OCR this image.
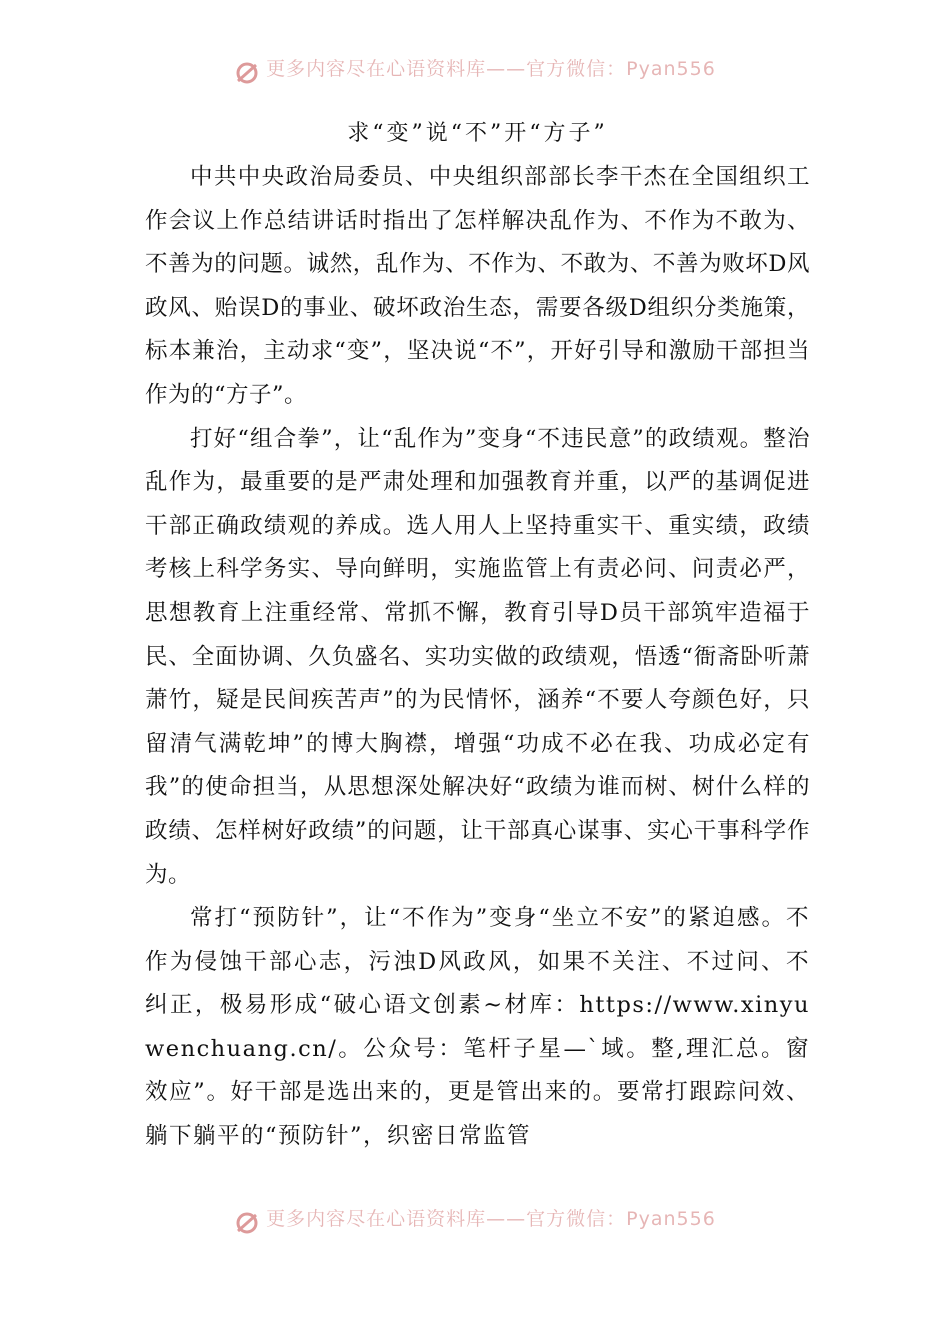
更多内容尽在心语资料库——官方微信：Pyan556
求“变”说“不”开“方子”

中共中央政治局委员、中央组织部部长李干杰在全国组织工作会议上作总结讲话时指出了怎样解决乱作为、不作为不敢为、不善为的问题。诚然，乱作为、不作为、不敢为、不善为败坏D风政风、贻误D的事业、破坏政治生态，需要各级D组织分类施策，标本兼治，主动求“变”，坚决说“不”，开好引导和激励干部担当作为的“方子”。

打好“组合拳”，让“乱作为”变身“不违民意”的政绩观。整治乱作为，最重要的是严肃处理和加强教育并重，以严的基调促进干部正确政绩观的养成。选人用人上坚持重实干、重实绩，政绩考核上科学务实、导向鲜明，实施监管上有责必问、问责必严，思想教育上注重经常、常抓不懈，教育引导D员干部筑牢造福于民、全面协调、久负盛名、实功实做的政绩观，悟透“衙斋卧听萧萧竹，疑是民间疾苦声”的为民情怀，涵养“不要人夸颜色好，只留清气满乾坤”的博大胸襟，增强“功成不必在我、功成必定有我”的使命担当，从思想深处解决好“政绩为谁而树、树什么样的政绩、怎样树好政绩”的问题，让干部真心谋事、实心干事科学作为。

常打“预防针”，让“不作为”变身“坐立不安”的紧迫感。不作为侵蚀干部心志，污浊D风政风，如果不关注、不过问、不纠正，极易形成“破心语文创素~材库：https://www.xinyuwenchuang.cn/。公众号：笔杆子星—`域。整,理汇总。窗效应”。好干部是选出来的，更是管出来的。要常打跟踪问效、躺下躺平的“预防针”，织密日常监管

更多内容尽在心语资料库——官方微信：Pyan556
